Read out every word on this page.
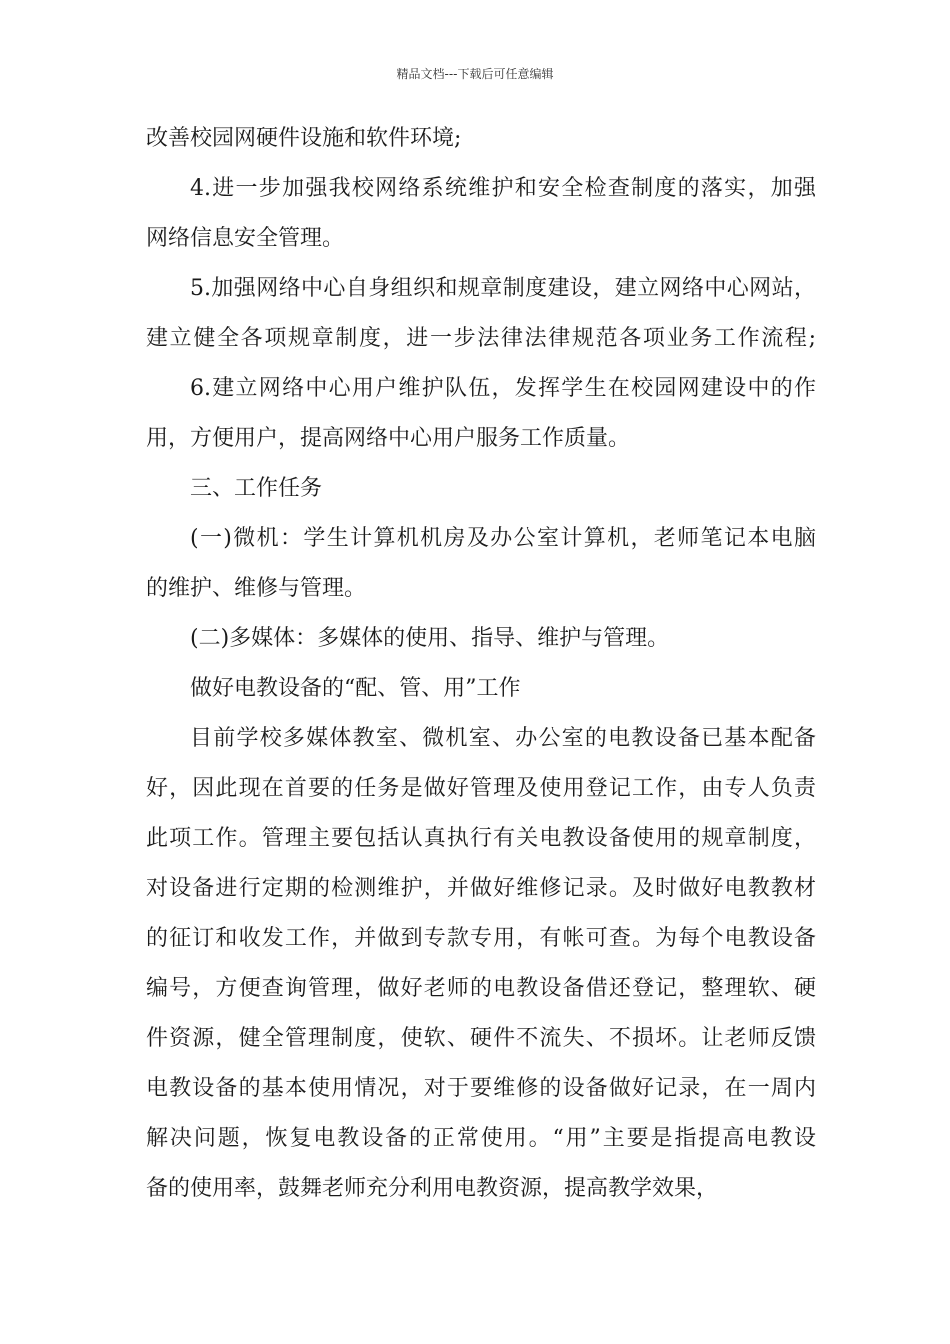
精品文档---下载后可任意编辑
改善校园网硬件设施和软件环境;
4.进一步加强我校网络系统维护和安全检查制度的落实，加强
网络信息安全管理。
5.加强网络中心自身组织和规章制度建设，建立网络中心网站，
建立健全各项规章制度，进一步法律法律规范各项业务工作流程;
6.建立网络中心用户维护队伍，发挥学生在校园网建设中的作
用，方便用户，提高网络中心用户服务工作质量。
三、工作任务
(一)微机：学生计算机机房及办公室计算机，老师笔记本电脑
的维护、维修与管理。
(二)多媒体：多媒体的使用、指导、维护与管理。
做好电教设备的“配、管、用”工作
目前学校多媒体教室、微机室、办公室的电教设备已基本配备
好，因此现在首要的任务是做好管理及使用登记工作，由专人负责
此项工作。管理主要包括认真执行有关电教设备使用的规章制度，
对设备进行定期的检测维护，并做好维修记录。及时做好电教教材
的征订和收发工作，并做到专款专用，有帐可查。为每个电教设备
编号，方便查询管理，做好老师的电教设备借还登记，整理软、硬
件资源，健全管理制度，使软、硬件不流失、不损坏。让老师反馈
电教设备的基本使用情况，对于要维修的设备做好记录，在一周内
解决问题，恢复电教设备的正常使用。“用”主要是指提高电教设
备的使用率，鼓舞老师充分利用电教资源，提高教学效果，
